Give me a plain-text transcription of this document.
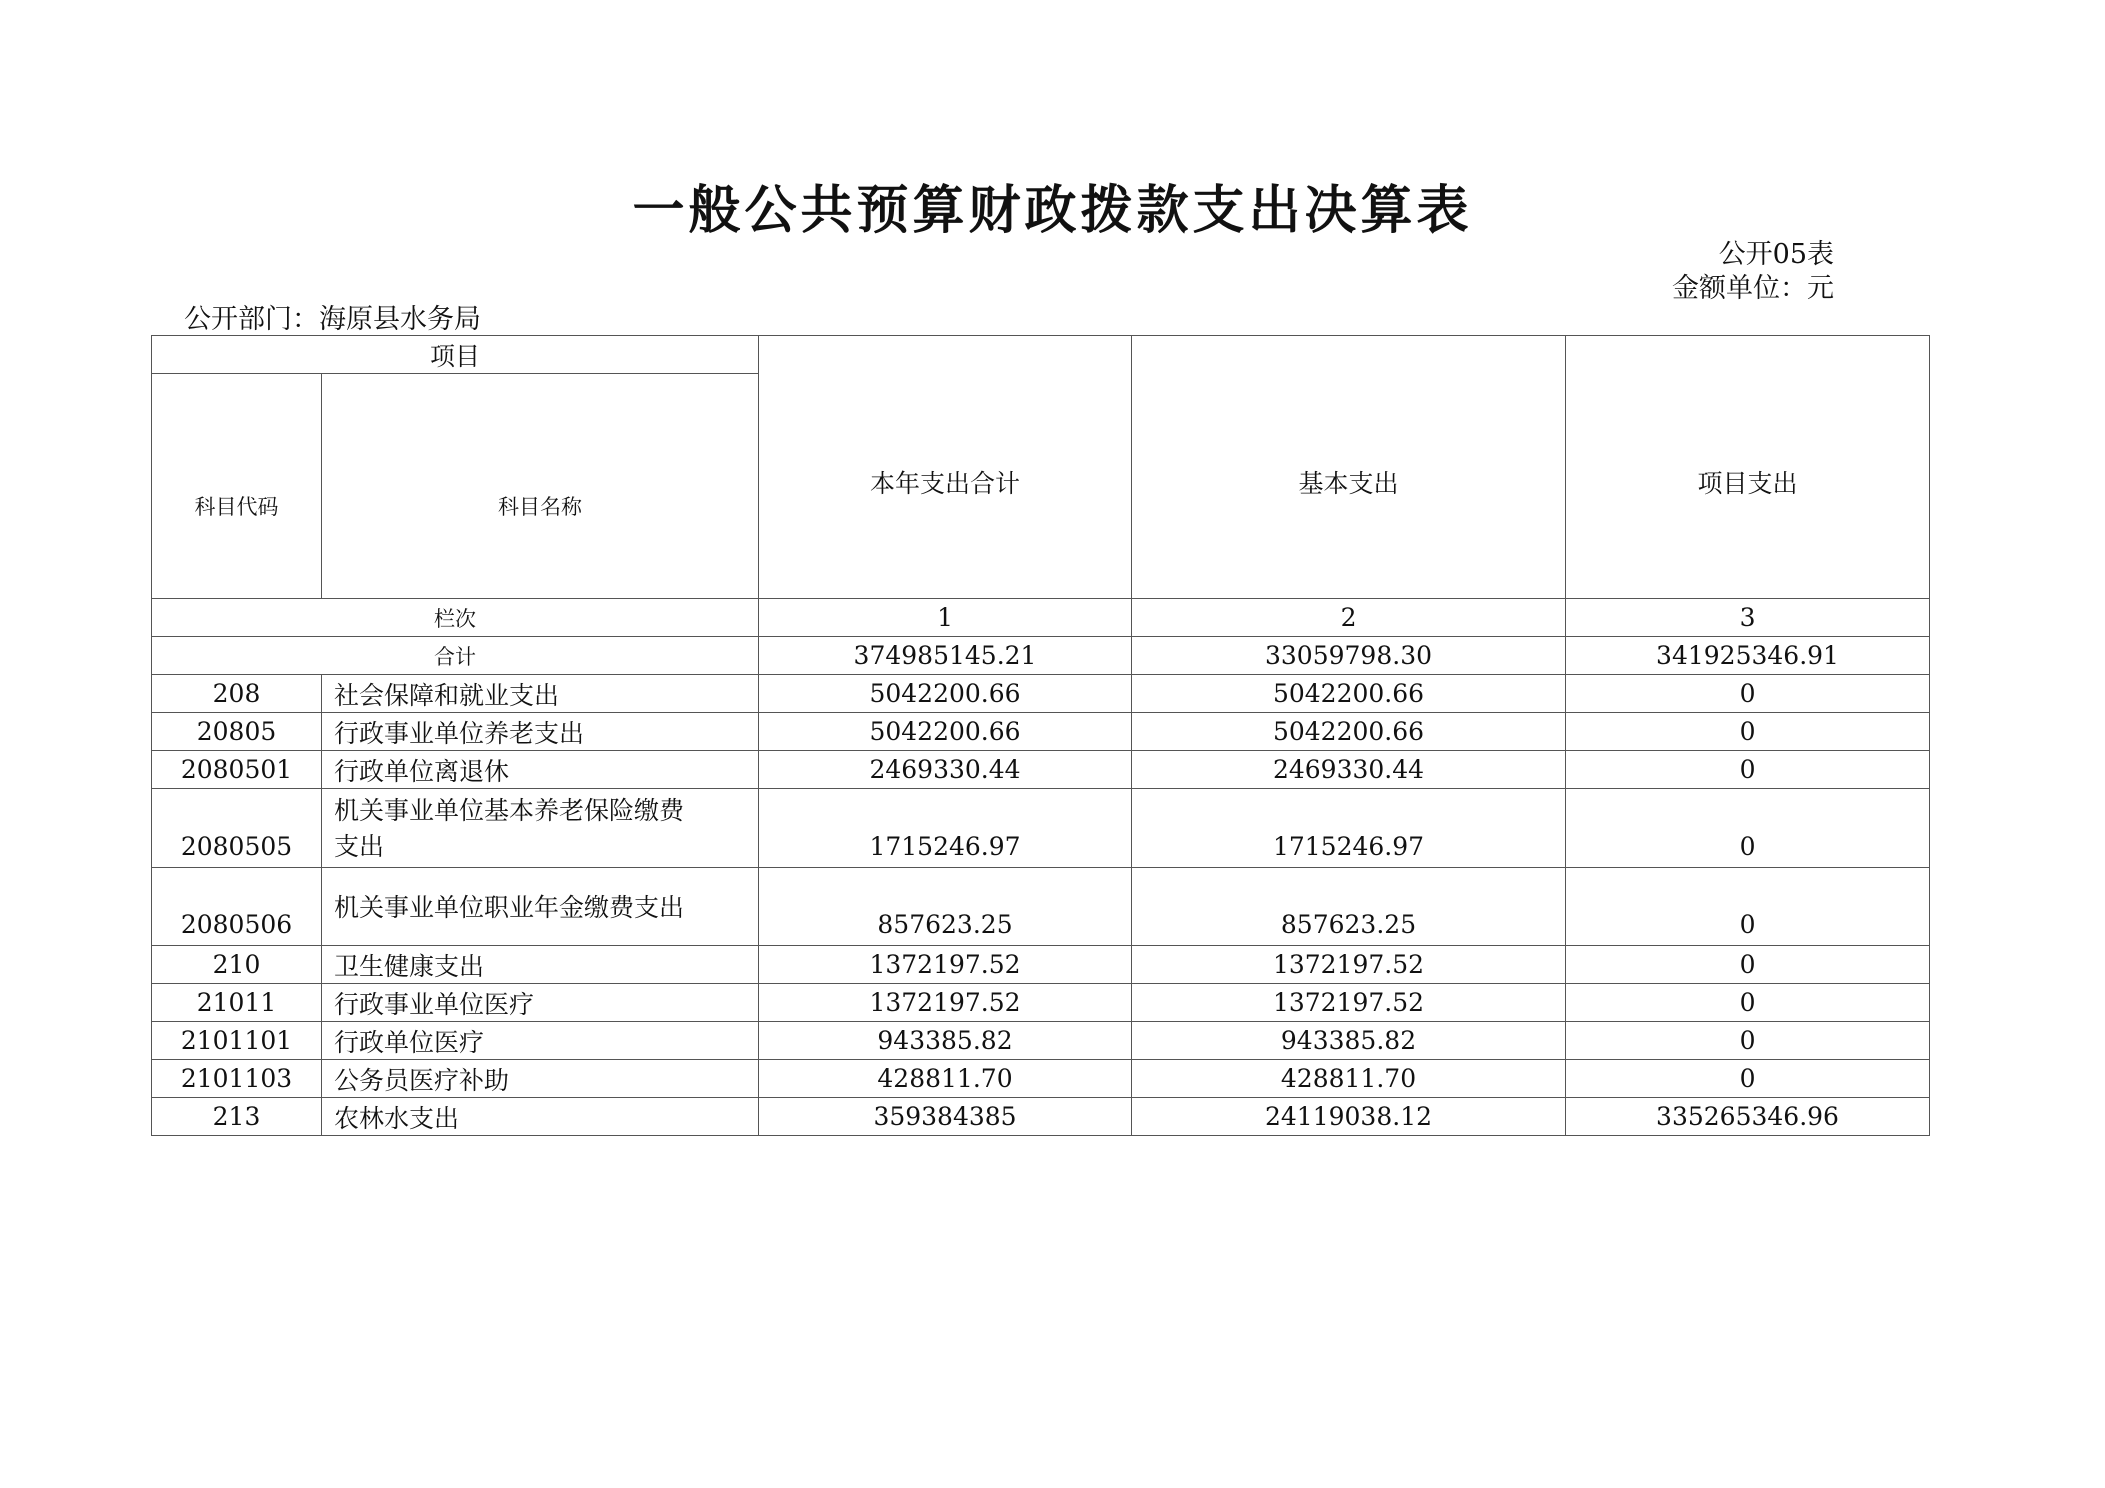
一般公共预算财政拨款支出决算表
公开05表
金额单位：元
公开部门：海原县水务局
项目		本年支出合计	基本支出	项目支出
科目代码	科目名称			
栏次		1	2	3
合计		374985145.21	33059798.30	341925346.91
208	社会保障和就业支出	5042200.66	5042200.66	0
20805	行政事业单位养老支出	5042200.66	5042200.66	0
2080501	行政单位离退休	2469330.44	2469330.44	0
2080505	机关事业单位基本养老保险缴费支出	1715246.97	1715246.97	0
2080506	机关事业单位职业年金缴费支出	857623.25	857623.25	0
210	卫生健康支出	1372197.52	1372197.52	0
21011	行政事业单位医疗	1372197.52	1372197.52	0
2101101	行政单位医疗	943385.82	943385.82	0
2101103	公务员医疗补助	428811.70	428811.70	0
213	农林水支出	359384385	24119038.12	335265346.96
